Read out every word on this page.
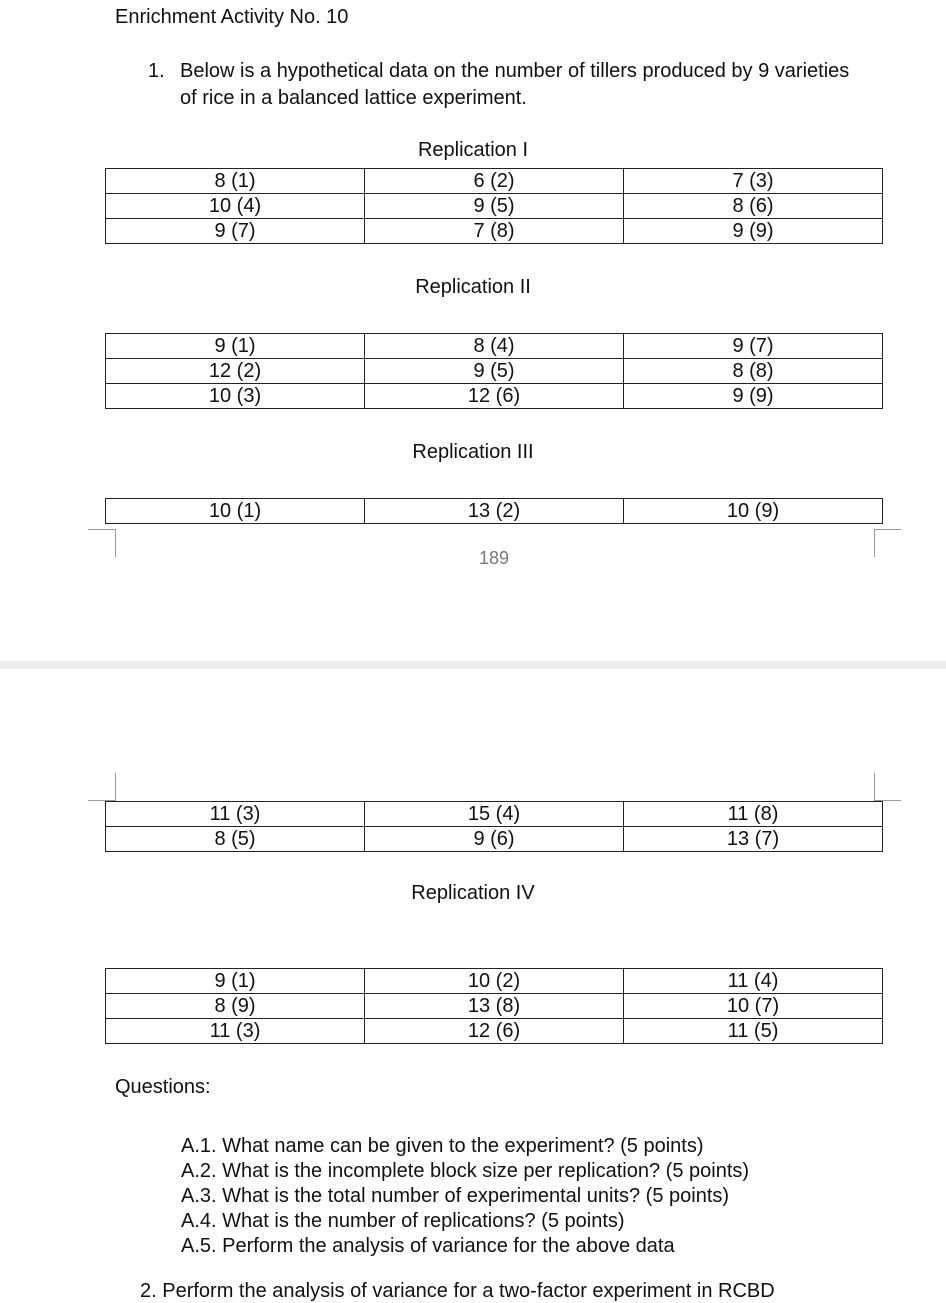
Enrichment Activity No. 10
1. Below is a hypothetical data on the number of tillers produced by 9 varieties of rice in a balanced lattice experiment.
Replication I
8 (1)	6 (2)	7 (3)
10 (4)	9 (5)	8 (6)
9 (7)	7 (8)	9 (9)
Replication II
9 (1)	8 (4)	9 (7)
12 (2)	9 (5)	8 (8)
10 (3)	12 (6)	9 (9)
Replication III
10 (1)	13 (2)	10 (9)
189
11 (3)	15 (4)	11 (8)
8 (5)	9 (6)	13 (7)
Replication IV
9 (1)	10 (2)	11 (4)
8 (9)	13 (8)	10 (7)
11 (3)	12 (6)	11 (5)
Questions:
A.1. What name can be given to the experiment? (5 points)
A.2. What is the incomplete block size per replication? (5 points)
A.3. What is the total number of experimental units? (5 points)
A.4. What is the number of replications? (5 points)
A.5. Perform the analysis of variance for the above data
2. Perform the analysis of variance for a two-factor experiment in RCBD
